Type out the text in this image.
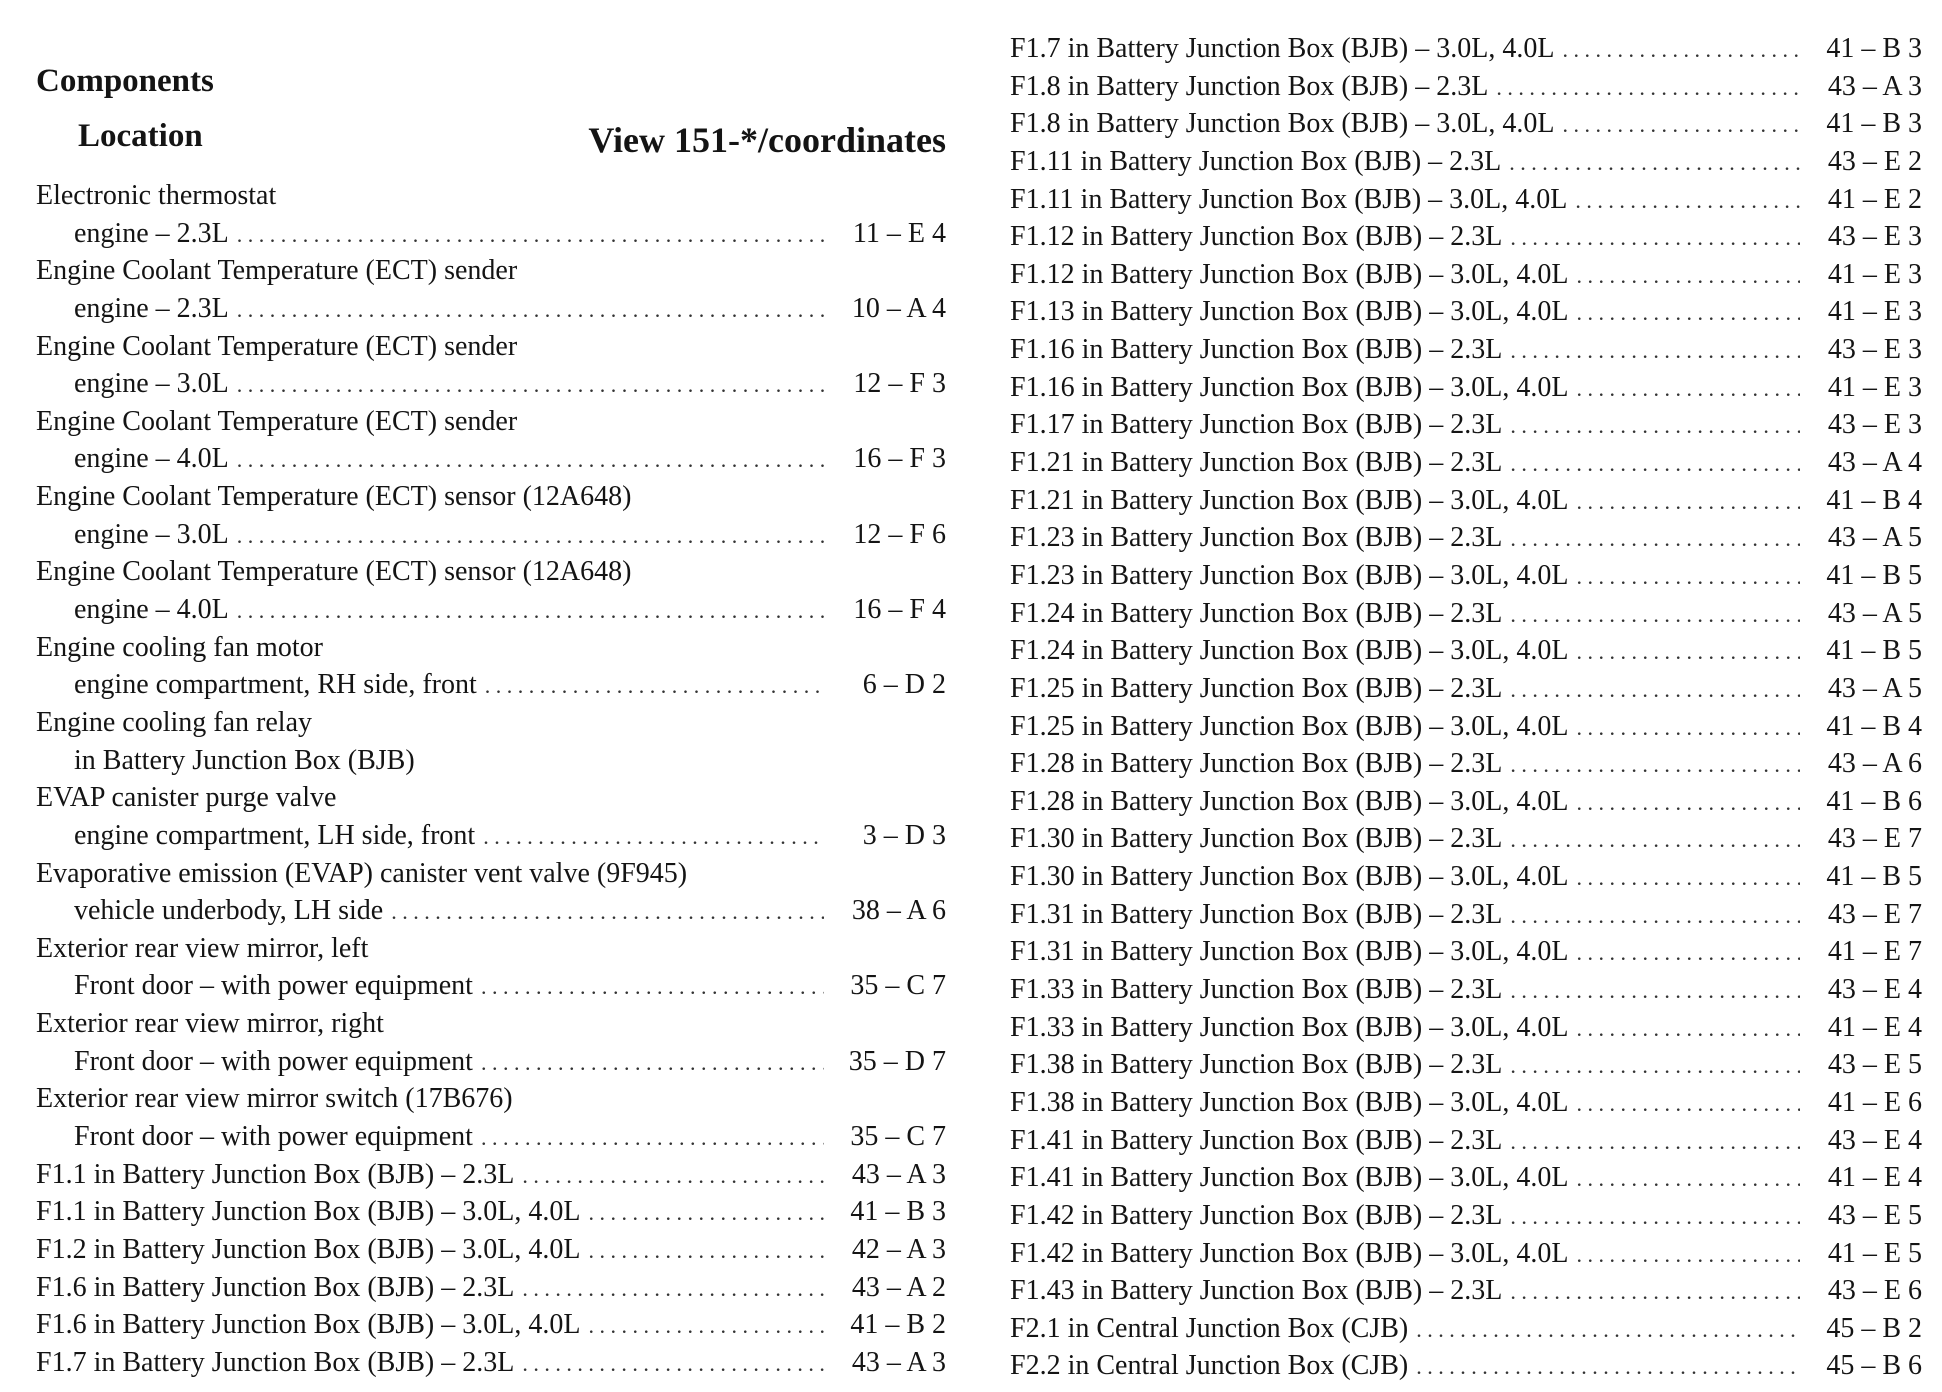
Components
Location	View 151-*/coordinates
Electronic thermostat
engine – 2.3L . . .	11 – E 4
Engine Coolant Temperature (ECT) sender
engine – 2.3L . . .	10 – A 4
Engine Coolant Temperature (ECT) sender
engine – 3.0L . . .	12 – F 3
Engine Coolant Temperature (ECT) sender
engine – 4.0L . . .	16 – F 3
Engine Coolant Temperature (ECT) sensor (12A648)
engine – 3.0L . . .	12 – F 6
Engine Coolant Temperature (ECT) sensor (12A648)
engine – 4.0L . . .	16 – F 4
Engine cooling fan motor
engine compartment, RH side, front . . .	6 – D 2
Engine cooling fan relay
in Battery Junction Box (BJB)
EVAP canister purge valve
engine compartment, LH side, front . . .	3 – D 3
Evaporative emission (EVAP) canister vent valve (9F945)
vehicle underbody, LH side . . .	38 – A 6
Exterior rear view mirror, left
Front door – with power equipment . . .	35 – C 7
Exterior rear view mirror, right
Front door – with power equipment . . .	35 – D 7
Exterior rear view mirror switch (17B676)
Front door – with power equipment . . .	35 – C 7
F1.1 in Battery Junction Box (BJB) – 2.3L . . .	43 – A 3
F1.1 in Battery Junction Box (BJB) – 3.0L, 4.0L . . .	41 – B 3
F1.2 in Battery Junction Box (BJB) – 3.0L, 4.0L . . .	42 – A 3
F1.6 in Battery Junction Box (BJB) – 2.3L . . .	43 – A 2
F1.6 in Battery Junction Box (BJB) – 3.0L, 4.0L . . .	41 – B 2
F1.7 in Battery Junction Box (BJB) – 2.3L . . .	43 – A 3
F1.7 in Battery Junction Box (BJB) – 3.0L, 4.0L . . .	41 – B 3
F1.8 in Battery Junction Box (BJB) – 2.3L . . .	43 – A 3
F1.8 in Battery Junction Box (BJB) – 3.0L, 4.0L . . .	41 – B 3
F1.11 in Battery Junction Box (BJB) – 2.3L . . .	43 – E 2
F1.11 in Battery Junction Box (BJB) – 3.0L, 4.0L . . .	41 – E 2
F1.12 in Battery Junction Box (BJB) – 2.3L . . .	43 – E 3
F1.12 in Battery Junction Box (BJB) – 3.0L, 4.0L . . .	41 – E 3
F1.13 in Battery Junction Box (BJB) – 3.0L, 4.0L . . .	41 – E 3
F1.16 in Battery Junction Box (BJB) – 2.3L . . .	43 – E 3
F1.16 in Battery Junction Box (BJB) – 3.0L, 4.0L . . .	41 – E 3
F1.17 in Battery Junction Box (BJB) – 2.3L . . .	43 – E 3
F1.21 in Battery Junction Box (BJB) – 2.3L . . .	43 – A 4
F1.21 in Battery Junction Box (BJB) – 3.0L, 4.0L . . .	41 – B 4
F1.23 in Battery Junction Box (BJB) – 2.3L . . .	43 – A 5
F1.23 in Battery Junction Box (BJB) – 3.0L, 4.0L . . .	41 – B 5
F1.24 in Battery Junction Box (BJB) – 2.3L . . .	43 – A 5
F1.24 in Battery Junction Box (BJB) – 3.0L, 4.0L . . .	41 – B 5
F1.25 in Battery Junction Box (BJB) – 2.3L . . .	43 – A 5
F1.25 in Battery Junction Box (BJB) – 3.0L, 4.0L . . .	41 – B 4
F1.28 in Battery Junction Box (BJB) – 2.3L . . .	43 – A 6
F1.28 in Battery Junction Box (BJB) – 3.0L, 4.0L . . .	41 – B 6
F1.30 in Battery Junction Box (BJB) – 2.3L . . .	43 – E 7
F1.30 in Battery Junction Box (BJB) – 3.0L, 4.0L . . .	41 – B 5
F1.31 in Battery Junction Box (BJB) – 2.3L . . .	43 – E 7
F1.31 in Battery Junction Box (BJB) – 3.0L, 4.0L . . .	41 – E 7
F1.33 in Battery Junction Box (BJB) – 2.3L . . .	43 – E 4
F1.33 in Battery Junction Box (BJB) – 3.0L, 4.0L . . .	41 – E 4
F1.38 in Battery Junction Box (BJB) – 2.3L . . .	43 – E 5
F1.38 in Battery Junction Box (BJB) – 3.0L, 4.0L . . .	41 – E 6
F1.41 in Battery Junction Box (BJB) – 2.3L . . .	43 – E 4
F1.41 in Battery Junction Box (BJB) – 3.0L, 4.0L . . .	41 – E 4
F1.42 in Battery Junction Box (BJB) – 2.3L . . .	43 – E 5
F1.42 in Battery Junction Box (BJB) – 3.0L, 4.0L . . .	41 – E 5
F1.43 in Battery Junction Box (BJB) – 2.3L . . .	43 – E 6
F2.1 in Central Junction Box (CJB) . . .	45 – B 2
F2.2 in Central Junction Box (CJB) . . .	45 – B 6
